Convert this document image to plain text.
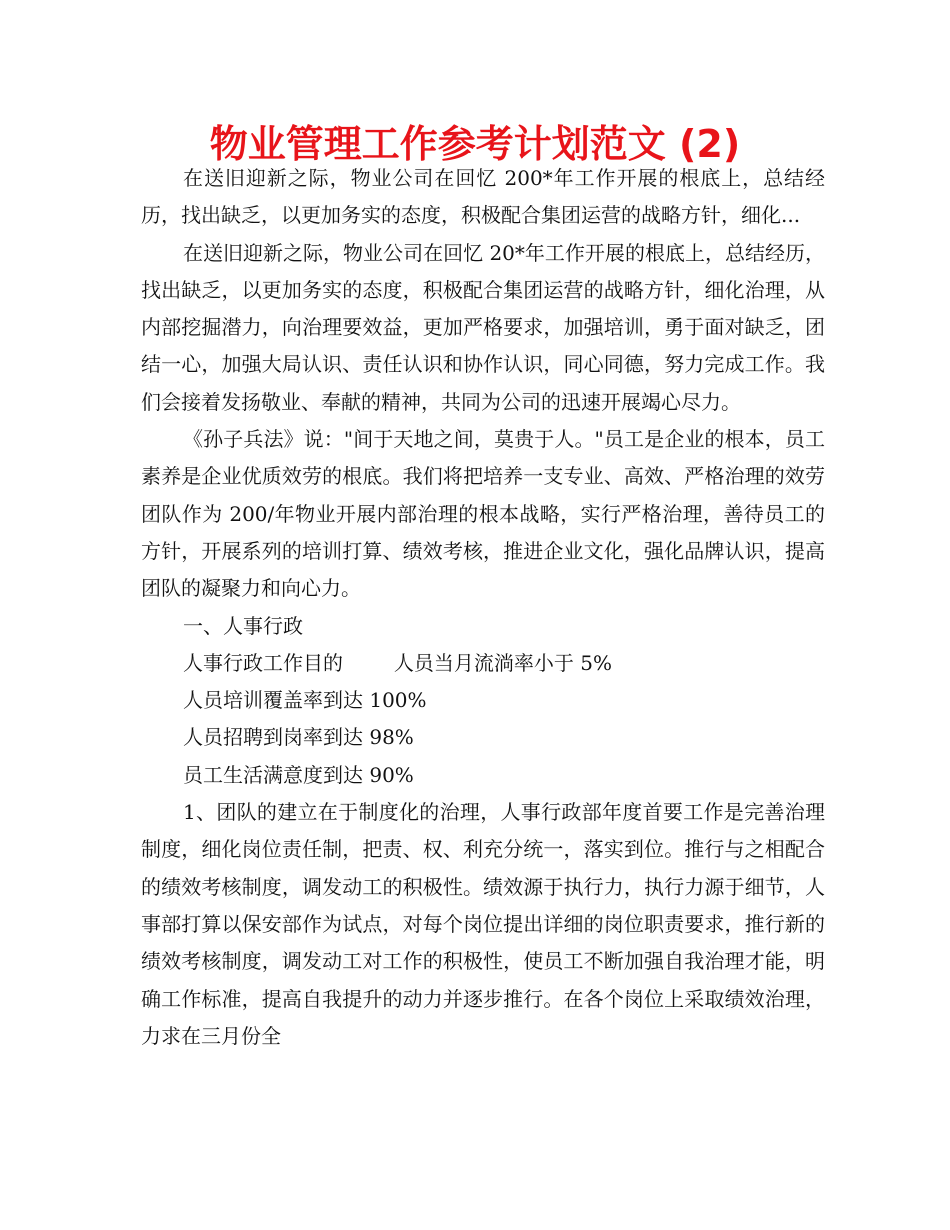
物业管理工作参考计划范文 (2)

在送旧迎新之际，物业公司在回忆 200*年工作开展的根底上，总结经历，找出缺乏，以更加务实的态度，积极配合集团运营的战略方针，细化...

在送旧迎新之际，物业公司在回忆 20*年工作开展的根底上，总结经历，找出缺乏，以更加务实的态度，积极配合集团运营的战略方针，细化治理，从内部挖掘潜力，向治理要效益，更加严格要求，加强培训，勇于面对缺乏，团结一心，加强大局认识、责任认识和协作认识，同心同德，努力完成工作。我们会接着发扬敬业、奉献的精神，共同为公司的迅速开展竭心尽力。

《孙子兵法》说："间于天地之间，莫贵于人。"员工是企业的根本，员工素养是企业优质效劳的根底。我们将把培养一支专业、高效、严格治理的效劳团队作为 200/年物业开展内部治理的根本战略，实行严格治理，善待员工的方针，开展系列的培训打算、绩效考核，推进企业文化，强化品牌认识，提高团队的凝聚力和向心力。

一、人事行政

人事行政工作目的	人员当月流淌率小于 5%

人员培训覆盖率到达 100%

人员招聘到岗率到达 98%

员工生活满意度到达 90%

1、团队的建立在于制度化的治理，人事行政部年度首要工作是完善治理制度，细化岗位责任制，把责、权、利充分统一，落实到位。推行与之相配合的绩效考核制度，调发动工的积极性。绩效源于执行力，执行力源于细节，人事部打算以保安部作为试点，对每个岗位提出详细的岗位职责要求，推行新的绩效考核制度，调发动工对工作的积极性，使员工不断加强自我治理才能，明确工作标准，提高自我提升的动力并逐步推行。在各个岗位上采取绩效治理，力求在三月份全
